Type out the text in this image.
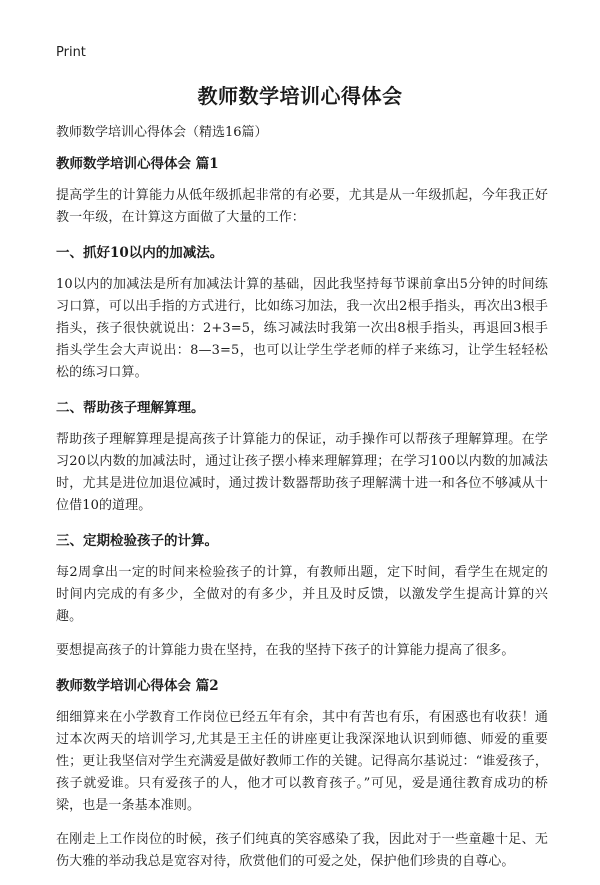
Print
教师数学培训心得体会
教师数学培训心得体会（精选16篇）
教师数学培训心得体会 篇1
提高学生的计算能力从低年级抓起非常的有必要，尤其是从一年级抓起，今年我正好教一年级，在计算这方面做了大量的工作：
一、抓好10以内的加减法。
10以内的加减法是所有加减法计算的基础，因此我坚持每节课前拿出5分钟的时间练习口算，可以出手指的方式进行，比如练习加法，我一次出2根手指头，再次出3根手指头，孩子很快就说出：2+3=5，练习减法时我第一次出8根手指头，再退回3根手指头学生会大声说出：8—3=5，也可以让学生学老师的样子来练习，让学生轻轻松松的练习口算。
二、帮助孩子理解算理。
帮助孩子理解算理是提高孩子计算能力的保证，动手操作可以帮孩子理解算理。在学习20以内数的加减法时，通过让孩子摆小棒来理解算理；在学习100以内数的加减法时，尤其是进位加退位减时，通过拨计数器帮助孩子理解满十进一和各位不够减从十位借10的道理。
三、定期检验孩子的计算。
每2周拿出一定的时间来检验孩子的计算，有教师出题，定下时间，看学生在规定的时间内完成的有多少，全做对的有多少，并且及时反馈，以激发学生提高计算的兴趣。
要想提高孩子的计算能力贵在坚持，在我的坚持下孩子的计算能力提高了很多。
教师数学培训心得体会 篇2
细细算来在小学教育工作岗位已经五年有余，其中有苦也有乐，有困惑也有收获！通过本次两天的培训学习,尤其是王主任的讲座更让我深深地认识到师德、师爱的重要性；更让我坚信对学生充满爱是做好教师工作的关键。记得高尔基说过：“谁爱孩子，孩子就爱谁。只有爱孩子的人，他才可以教育孩子。”可见，爱是通往教育成功的桥梁，也是一条基本准则。
在刚走上工作岗位的时候，孩子们纯真的笑容感染了我，因此对于一些童趣十足、无伤大雅的举动我总是宽容对待，欣赏他们的可爱之处，保护他们珍贵的自尊心。
